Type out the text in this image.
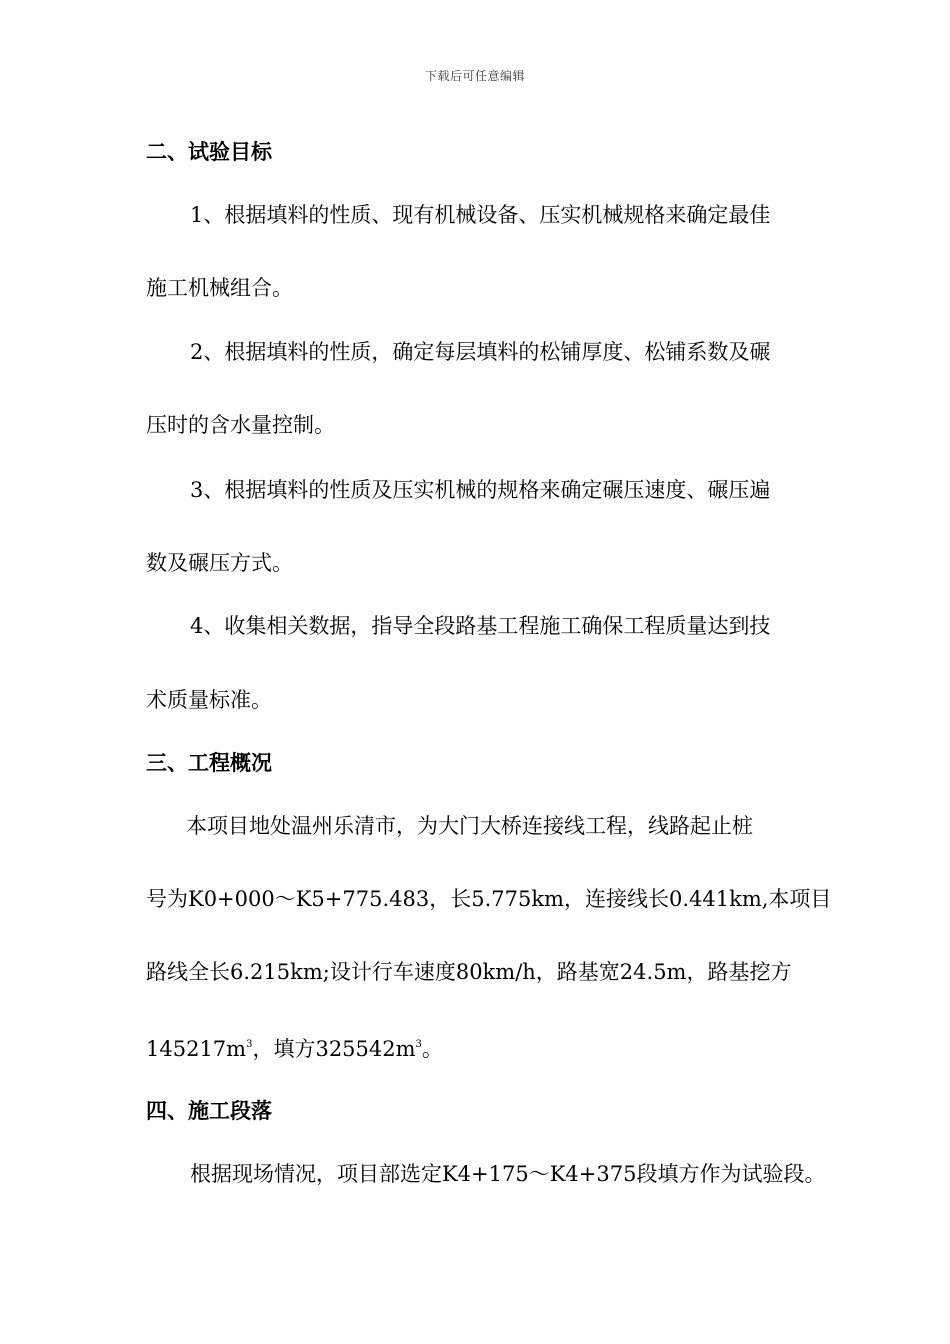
下载后可任意编辑
二、试验目标
1、根据填料的性质、现有机械设备、压实机械规格来确定最佳
施工机械组合。
2、根据填料的性质，确定每层填料的松铺厚度、松铺系数及碾
压时的含水量控制。
3、根据填料的性质及压实机械的规格来确定碾压速度、碾压遍
数及碾压方式。
4、收集相关数据，指导全段路基工程施工确保工程质量达到技
术质量标准。
三、工程概况
本项目地处温州乐清市，为大门大桥连接线工程，线路起止桩
号为K0+000～K5+775.483，长5.775km，连接线长0.441km,本项目
路线全长6.215km;设计行车速度80km/h，路基宽24.5m，路基挖方
$145217m^3$，填方$325542m^3$。
四、施工段落
根据现场情况，项目部选定K4+175～K4+375段填方作为试验段。
